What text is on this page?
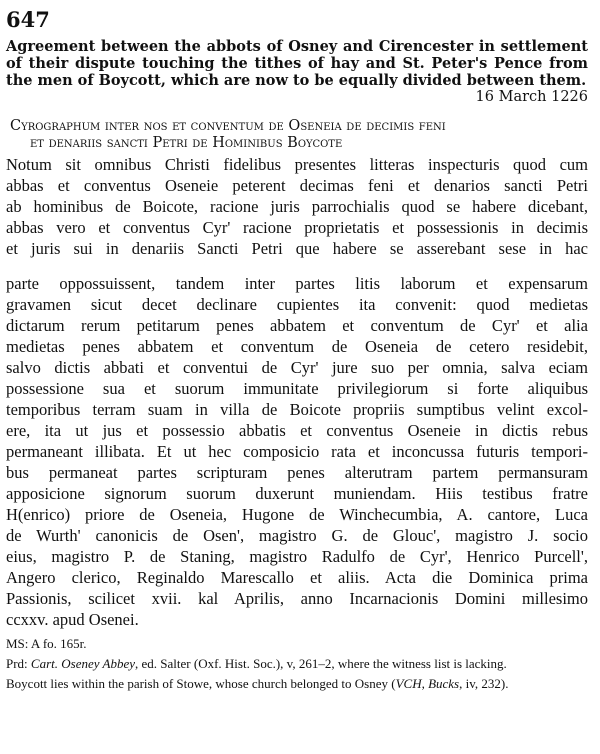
647

Agreement between the abbots of Osney and Cirencester in settlement of their dispute touching the tithes of hay and St. Peter's Pence from the men of Boycott, which are now to be equally divided between them.

16 March 1226

Cyrographum inter nos et conventum de Oseneia de decimis feni
et denariis sancti Petri de Hominibus Boycote
Notum sit omnibus Christi fidelibus presentes litteras inspecturis quod cum
abbas et conventus Oseneie peterent decimas feni et denarios sancti Petri
ab hominibus de Boicote, racione juris parrochialis quod se habere dicebant,
abbas vero et conventus Cyr' racione proprietatis et possessionis in decimis
et juris sui in denariis Sancti Petri que habere se asserebant sese in hac
parte oppossuissent, tandem inter partes litis laborum et expensarum
gravamen sicut decet declinare cupientes ita convenit: quod medietas
dictarum rerum petitarum penes abbatem et conventum de Cyr' et alia
medietas penes abbatem et conventum de Oseneia de cetero residebit,
salvo dictis abbati et conventui de Cyr' jure suo per omnia, salva eciam
possessione sua et suorum immunitate privilegiorum si forte aliquibus
temporibus terram suam in villa de Boicote propriis sumptibus velint excol-
ere, ita ut jus et possessio abbatis et conventus Oseneie in dictis rebus
permaneant illibata. Et ut hec composicio rata et inconcussa futuris tempori-
bus permaneat partes scripturam penes alterutram partem permansuram
apposicione signorum suorum duxerunt muniendam. Hiis testibus fratre
H(enrico) priore de Oseneia, Hugone de Winchecumbia, A. cantore, Luca
de Wurth' canonicis de Osen', magistro G. de Glouc', magistro J. socio
eius, magistro P. de Staning, magistro Radulfo de Cyr', Henrico Purcell',
Angero clerico, Reginaldo Marescallo et aliis. Acta die Dominica prima
Passionis, scilicet xvii. kal Aprilis, anno Incarnacionis Domini millesimo
ccxxv. apud Osenei.

MS: A fo. 165r.

Prd: Cart. Oseney Abbey, ed. Salter (Oxf. Hist. Soc.), v, 261–2, where the witness list is lacking.

Boycott lies within the parish of Stowe, whose church belonged to Osney (VCH, Bucks, iv, 232).
